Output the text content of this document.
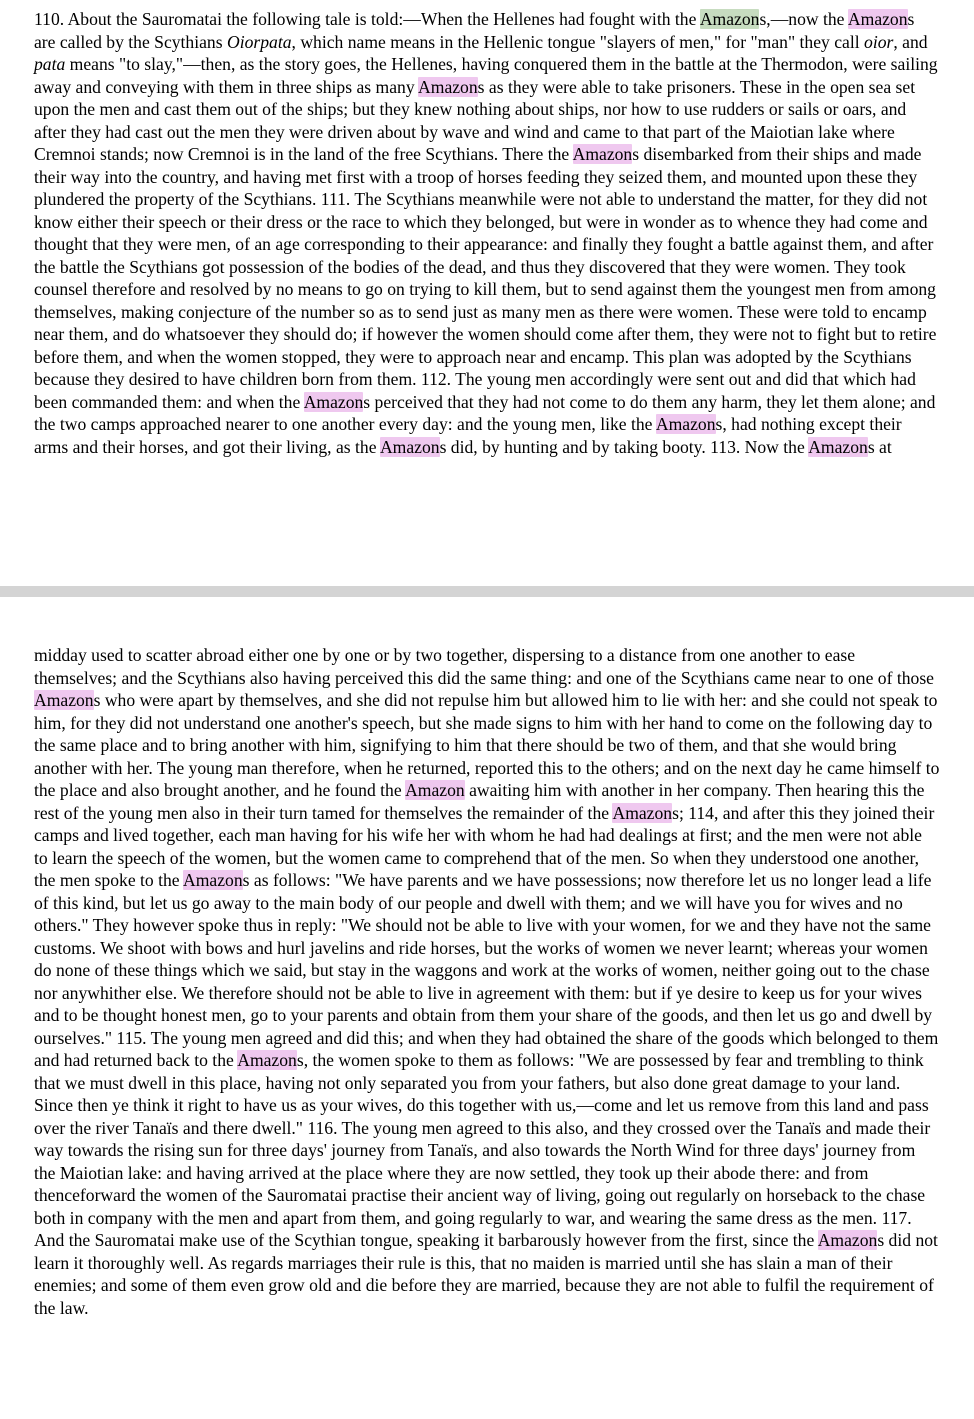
110. About the Sauromatai the following tale is told:—When the Hellenes had fought with the Amazons,—now the Amazons are called by the Scythians Oiorpata, which name means in the Hellenic tongue "slayers of men," for "man" they call oior, and pata means "to slay,"—then, as the story goes, the Hellenes, having conquered them in the battle at the Thermodon, were sailing away and conveying with them in three ships as many Amazons as they were able to take prisoners. These in the open sea set upon the men and cast them out of the ships; but they knew nothing about ships, nor how to use rudders or sails or oars, and after they had cast out the men they were driven about by wave and wind and came to that part of the Maiotian lake where Cremnoi stands; now Cremnoi is in the land of the free Scythians. There the Amazons disembarked from their ships and made their way into the country, and having met first with a troop of horses feeding they seized them, and mounted upon these they plundered the property of the Scythians. 111. The Scythians meanwhile were not able to understand the matter, for they did not know either their speech or their dress or the race to which they belonged, but were in wonder as to whence they had come and thought that they were men, of an age corresponding to their appearance: and finally they fought a battle against them, and after the battle the Scythians got possession of the bodies of the dead, and thus they discovered that they were women. They took counsel therefore and resolved by no means to go on trying to kill them, but to send against them the youngest men from among themselves, making conjecture of the number so as to send just as many men as there were women. These were told to encamp near them, and do whatsoever they should do; if however the women should come after them, they were not to fight but to retire before them, and when the women stopped, they were to approach near and encamp. This plan was adopted by the Scythians because they desired to have children born from them. 112. The young men accordingly were sent out and did that which had been commanded them: and when the Amazons perceived that they had not come to do them any harm, they let them alone; and the two camps approached nearer to one another every day: and the young men, like the Amazons, had nothing except their arms and their horses, and got their living, as the Amazons did, by hunting and by taking booty. 113. Now the Amazons at

midday used to scatter abroad either one by one or by two together, dispersing to a distance from one another to ease themselves; and the Scythians also having perceived this did the same thing: and one of the Scythians came near to one of those Amazons who were apart by themselves, and she did not repulse him but allowed him to lie with her: and she could not speak to him, for they did not understand one another's speech, but she made signs to him with her hand to come on the following day to the same place and to bring another with him, signifying to him that there should be two of them, and that she would bring another with her. The young man therefore, when he returned, reported this to the others; and on the next day he came himself to the place and also brought another, and he found the Amazon awaiting him with another in her company. Then hearing this the rest of the young men also in their turn tamed for themselves the remainder of the Amazons; 114, and after this they joined their camps and lived together, each man having for his wife her with whom he had had dealings at first; and the men were not able to learn the speech of the women, but the women came to comprehend that of the men. So when they understood one another, the men spoke to the Amazons as follows: "We have parents and we have possessions; now therefore let us no longer lead a life of this kind, but let us go away to the main body of our people and dwell with them; and we will have you for wives and no others." They however spoke thus in reply: "We should not be able to live with your women, for we and they have not the same customs. We shoot with bows and hurl javelins and ride horses, but the works of women we never learnt; whereas your women do none of these things which we said, but stay in the waggons and work at the works of women, neither going out to the chase nor anywhither else. We therefore should not be able to live in agreement with them: but if ye desire to keep us for your wives and to be thought honest men, go to your parents and obtain from them your share of the goods, and then let us go and dwell by ourselves." 115. The young men agreed and did this; and when they had obtained the share of the goods which belonged to them and had returned back to the Amazons, the women spoke to them as follows: "We are possessed by fear and trembling to think that we must dwell in this place, having not only separated you from your fathers, but also done great damage to your land. Since then ye think it right to have us as your wives, do this together with us,—come and let us remove from this land and pass over the river Tanaïs and there dwell." 116. The young men agreed to this also, and they crossed over the Tanaïs and made their way towards the rising sun for three days' journey from Tanaïs, and also towards the North Wind for three days' journey from the Maiotian lake: and having arrived at the place where they are now settled, they took up their abode there: and from thenceforward the women of the Sauromatai practise their ancient way of living, going out regularly on horseback to the chase both in company with the men and apart from them, and going regularly to war, and wearing the same dress as the men. 117. And the Sauromatai make use of the Scythian tongue, speaking it barbarously however from the first, since the Amazons did not learn it thoroughly well. As regards marriages their rule is this, that no maiden is married until she has slain a man of their enemies; and some of them even grow old and die before they are married, because they are not able to fulfil the requirement of the law.
